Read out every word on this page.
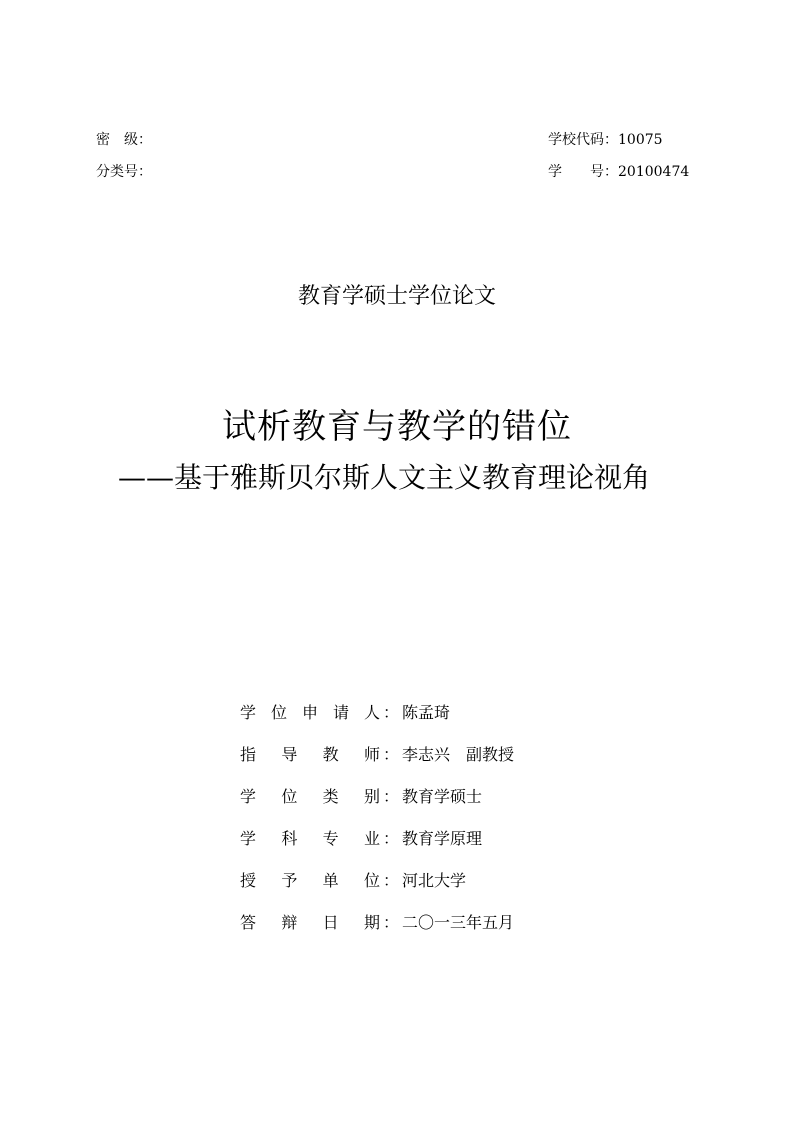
密　级：
分类号：
学校代码：10075
学　　号：20100474
教育学硕士学位论文
试析教育与教学的错位
——基于雅斯贝尔斯人文主义教育理论视角
学 位 申 请 人 ： 陈孟琦
指 导 教 师 ： 李志兴　副教授
学 位 类 别 ： 教育学硕士
学 科 专 业 ： 教育学原理
授 予 单 位 ： 河北大学
答 辩 日 期 ： 二〇一三年五月
